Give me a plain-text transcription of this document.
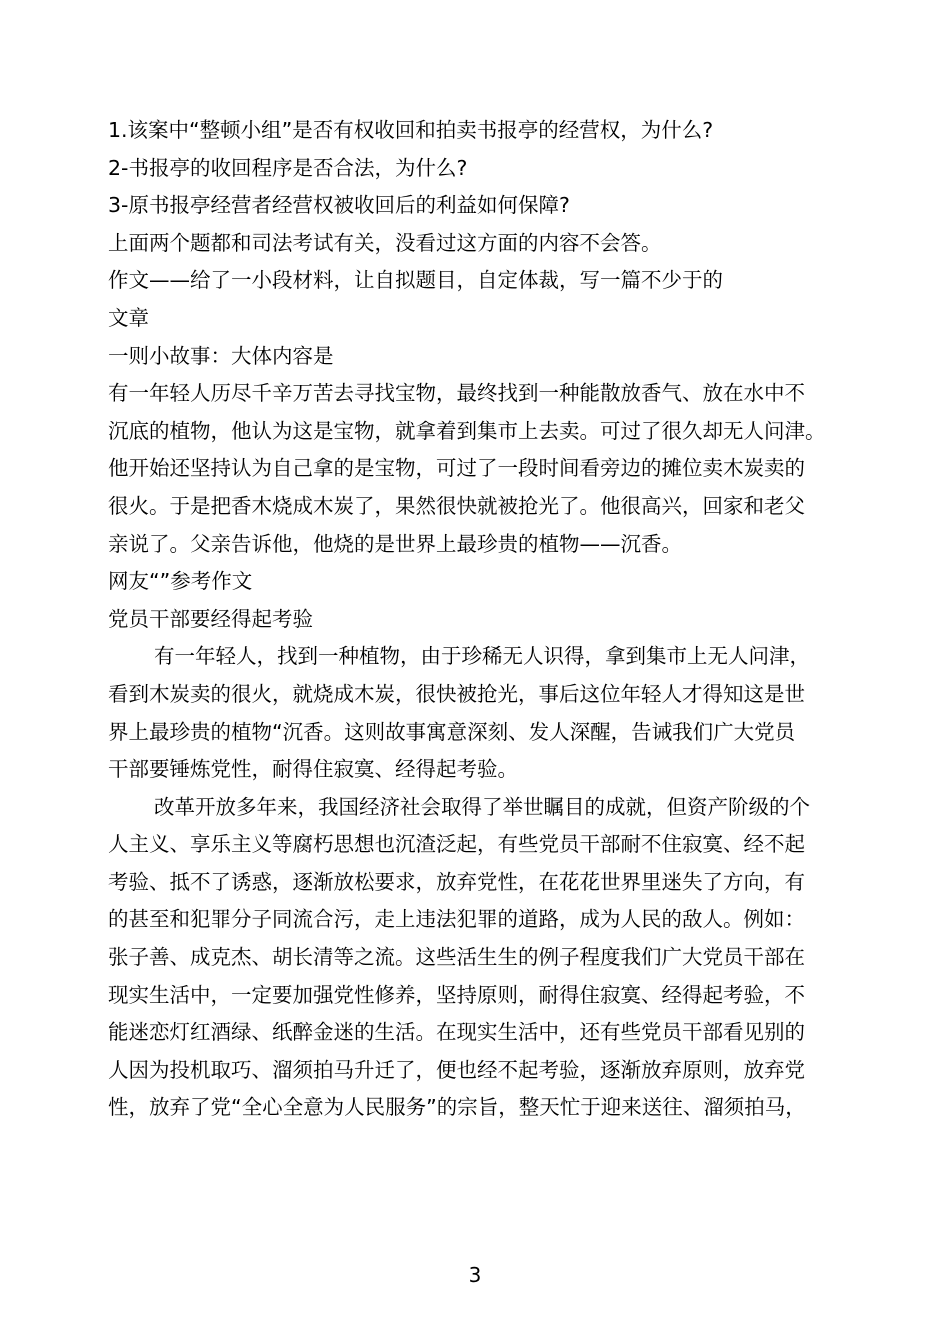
1.该案中“整顿小组”是否有权收回和拍卖书报亭的经营权，为什么?

2-书报亭的收回程序是否合法，为什么?

3-原书报亭经营者经营权被收回后的利益如何保障?

上面两个题都和司法考试有关，没看过这方面的内容不会答。

作文——给了一小段材料，让自拟题目，自定体裁，写一篇不少于的

文章

一则小故事：大体内容是

有一年轻人历尽千辛万苦去寻找宝物，最终找到一种能散放香气、放在水中不

沉底的植物，他认为这是宝物，就拿着到集市上去卖。可过了很久却无人问津。

他开始还坚持认为自己拿的是宝物，可过了一段时间看旁边的摊位卖木炭卖的

很火。于是把香木烧成木炭了，果然很快就被抢光了。他很高兴，回家和老父

亲说了。父亲告诉他，他烧的是世界上最珍贵的植物——沉香。

网友“”参考作文

党员干部要经得起考验

有一年轻人，找到一种植物，由于珍稀无人识得，拿到集市上无人问津，

看到木炭卖的很火，就烧成木炭，很快被抢光，事后这位年轻人才得知这是世

界上最珍贵的植物“沉香。这则故事寓意深刻、发人深醒，告诫我们广大党员

干部要锤炼党性，耐得住寂寞、经得起考验。

改革开放多年来，我国经济社会取得了举世瞩目的成就，但资产阶级的个

人主义、享乐主义等腐朽思想也沉渣泛起，有些党员干部耐不住寂寞、经不起

考验、抵不了诱惑，逐渐放松要求，放弃党性，在花花世界里迷失了方向，有

的甚至和犯罪分子同流合污，走上违法犯罪的道路，成为人民的敌人。例如：

张子善、成克杰、胡长清等之流。这些活生生的例子程度我们广大党员干部在

现实生活中，一定要加强党性修养，坚持原则，耐得住寂寞、经得起考验，不

能迷恋灯红酒绿、纸醉金迷的生活。在现实生活中，还有些党员干部看见别的

人因为投机取巧、溜须拍马升迁了，便也经不起考验，逐渐放弃原则，放弃党

性，放弃了党“全心全意为人民服务”的宗旨，整天忙于迎来送往、溜须拍马，

3
